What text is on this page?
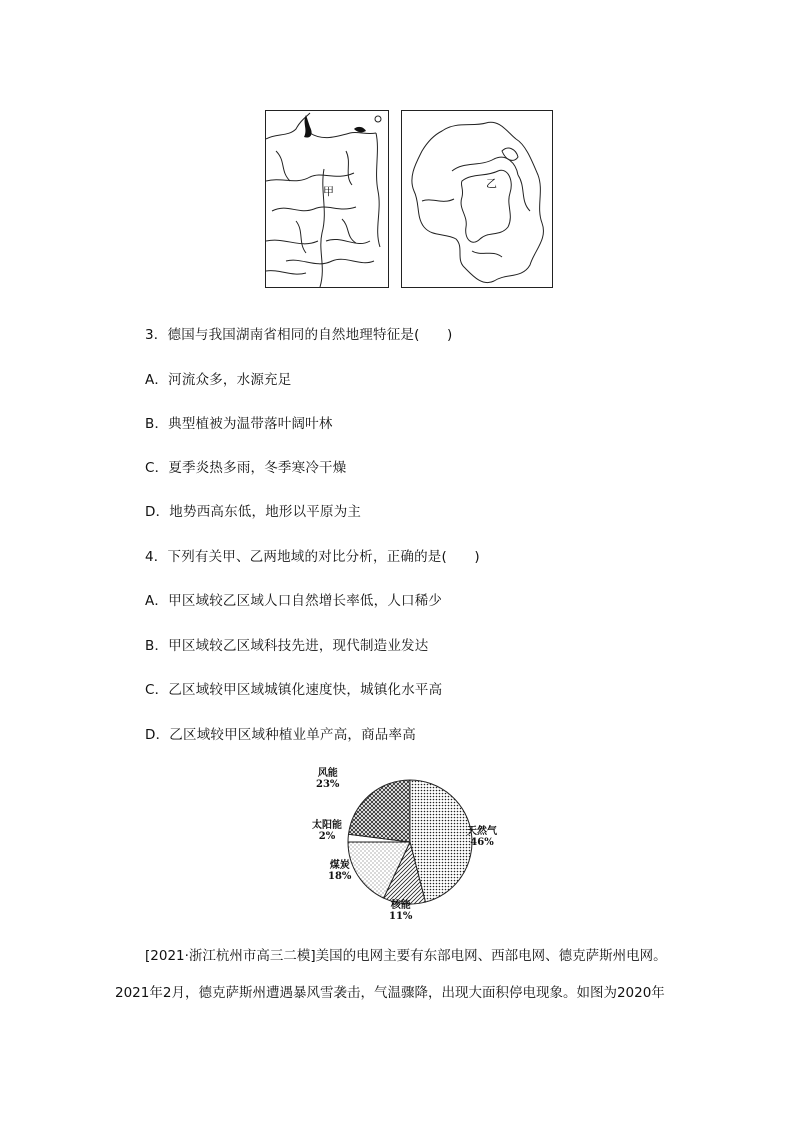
甲
乙
3．德国与我国湖南省相同的自然地理特征是(　　)
A．河流众多，水源充足
B．典型植被为温带落叶阔叶林
C．夏季炎热多雨，冬季寒冷干燥
D．地势西高东低，地形以平原为主
4．下列有关甲、乙两地域的对比分析，正确的是(　　)
A．甲区域较乙区域人口自然增长率低，人口稀少
B．甲区域较乙区域科技先进，现代制造业发达
C．乙区域较甲区域城镇化速度快，城镇化水平高
D．乙区域较甲区域种植业单产高，商品率高
天然气
46%
核能
11%
煤炭
18%
太阳能
2%
风能
23%
[2021·浙江杭州市高三二模]美国的电网主要有东部电网、西部电网、德克萨斯州电网。
2021年2月，德克萨斯州遭遇暴风雪袭击，气温骤降，出现大面积停电现象。如图为2020年
